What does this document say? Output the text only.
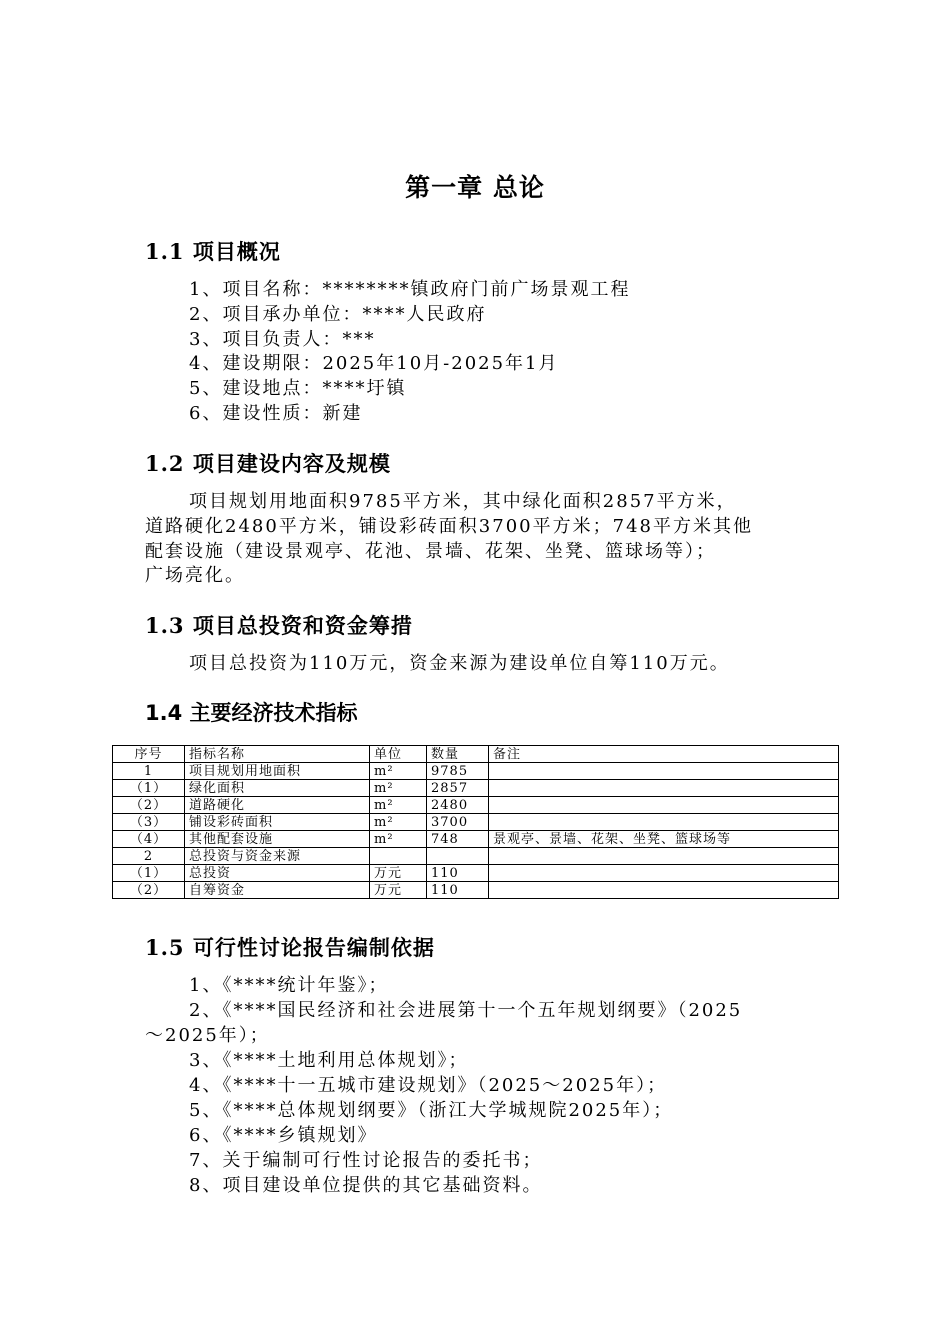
第一章 总论
1.1 项目概况
1、项目名称：********镇政府门前广场景观工程
2、项目承办单位：****人民政府
3、项目负责人：***
4、建设期限：2025年10月-2025年1月
5、建设地点：****圩镇
6、建设性质：新建
1.2 项目建设内容及规模
项目规划用地面积9785平方米，其中绿化面积2857平方米，
道路硬化2480平方米，铺设彩砖面积3700平方米；748平方米其他
配套设施（建设景观亭、花池、景墙、花架、坐凳、篮球场等）；
广场亮化。
1.3 项目总投资和资金筹措
项目总投资为110万元，资金来源为建设单位自筹110万元。
1.4 主要经济技术指标
序号	指标名称	单位	数量	备注
1	项目规划用地面积	m²	9785	
（1）	绿化面积	m²	2857	
（2）	道路硬化	m²	2480	
（3）	铺设彩砖面积	m²	3700	
（4）	其他配套设施	m²	748	景观亭、景墙、花架、坐凳、篮球场等
2	总投资与资金来源			
（1）	总投资	万元	110	
（2）	自筹资金	万元	110	
1.5 可行性讨论报告编制依据
1、《****统计年鉴》；
2、《****国民经济和社会进展第十一个五年规划纲要》（2025
～2025年）；
3、《****土地利用总体规划》；
4、《****十一五城市建设规划》（2025～2025年）；
5、《****总体规划纲要》（浙江大学城规院2025年）；
6、《****乡镇规划》
7、关于编制可行性讨论报告的委托书；
8、项目建设单位提供的其它基础资料。
